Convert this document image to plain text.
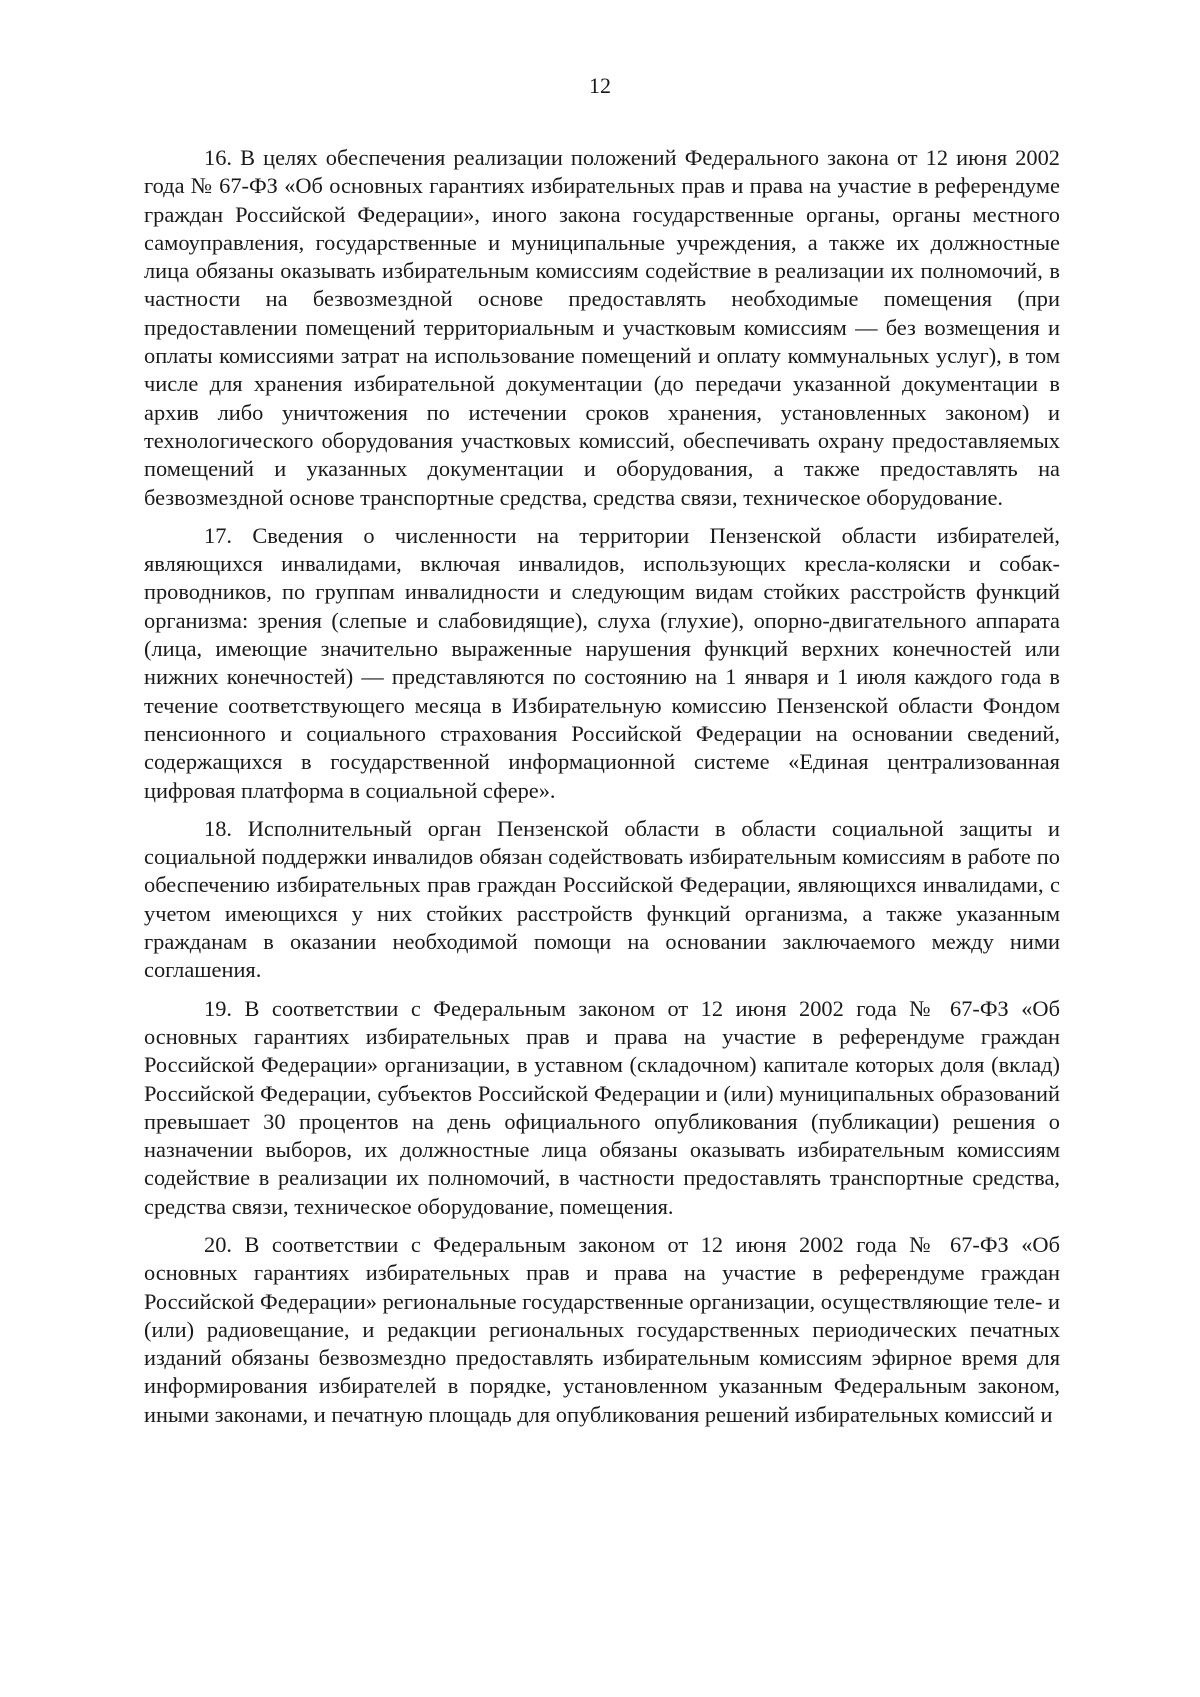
12

16. В целях обеспечения реализации положений Федерального закона от 12 июня 2002 года № 67-ФЗ «Об основных гарантиях избирательных прав и права на участие в референдуме граждан Российской Федерации», иного закона государственные органы, органы местного самоуправления, государственные и муниципальные учреждения, а также их должностные лица обязаны оказывать избирательным комиссиям содействие в реализации их полномочий, в частности на безвозмездной основе предоставлять необходимые помещения (при предоставлении помещений территориальным и участковым комиссиям — без возмещения и оплаты комиссиями затрат на использование помещений и оплату коммунальных услуг), в том числе для хранения избирательной документации (до передачи указанной документации в архив либо уничтожения по истечении сроков хранения, установленных законом) и технологического оборудования участковых комиссий, обеспечивать охрану предоставляемых помещений и указанных документации и оборудования, а также предоставлять на безвозмездной основе транспортные средства, средства связи, техническое оборудование.

17. Сведения о численности на территории Пензенской области избирателей, являющихся инвалидами, включая инвалидов, использующих кресла-коляски и собак-проводников, по группам инвалидности и следующим видам стойких расстройств функций организма: зрения (слепые и слабовидящие), слуха (глухие), опорно-двигательного аппарата (лица, имеющие значительно выраженные нарушения функций верхних конечностей или нижних конечностей) — представляются по состоянию на 1 января и 1 июля каждого года в течение соответствующего месяца в Избирательную комиссию Пензенской области Фондом пенсионного и социального страхования Российской Федерации на основании сведений, содержащихся в государственной информационной системе «Единая централизованная цифровая платформа в социальной сфере».

18. Исполнительный орган Пензенской области в области социальной защиты и социальной поддержки инвалидов обязан содействовать избирательным комиссиям в работе по обеспечению избирательных прав граждан Российской Федерации, являющихся инвалидами, с учетом имеющихся у них стойких расстройств функций организма, а также указанным гражданам в оказании необходимой помощи на основании заключаемого между ними соглашения.

19. В соответствии с Федеральным законом от 12 июня 2002 года № 67-ФЗ «Об основных гарантиях избирательных прав и права на участие в референдуме граждан Российской Федерации» организации, в уставном (складочном) капитале которых доля (вклад) Российской Федерации, субъектов Российской Федерации и (или) муниципальных образований превышает 30 процентов на день официального опубликования (публикации) решения о назначении выборов, их должностные лица обязаны оказывать избирательным комиссиям содействие в реализации их полномочий, в частности предоставлять транспортные средства, средства связи, техническое оборудование, помещения.

20. В соответствии с Федеральным законом от 12 июня 2002 года № 67-ФЗ «Об основных гарантиях избирательных прав и права на участие в референдуме граждан Российской Федерации» региональные государственные организации, осуществляющие теле- и (или) радиовещание, и редакции региональных государственных периодических печатных изданий обязаны безвозмездно предоставлять избирательным комиссиям эфирное время для информирования избирателей в порядке, установленном указанным Федеральным законом, иными законами, и печатную площадь для опубликования решений избирательных комиссий и
